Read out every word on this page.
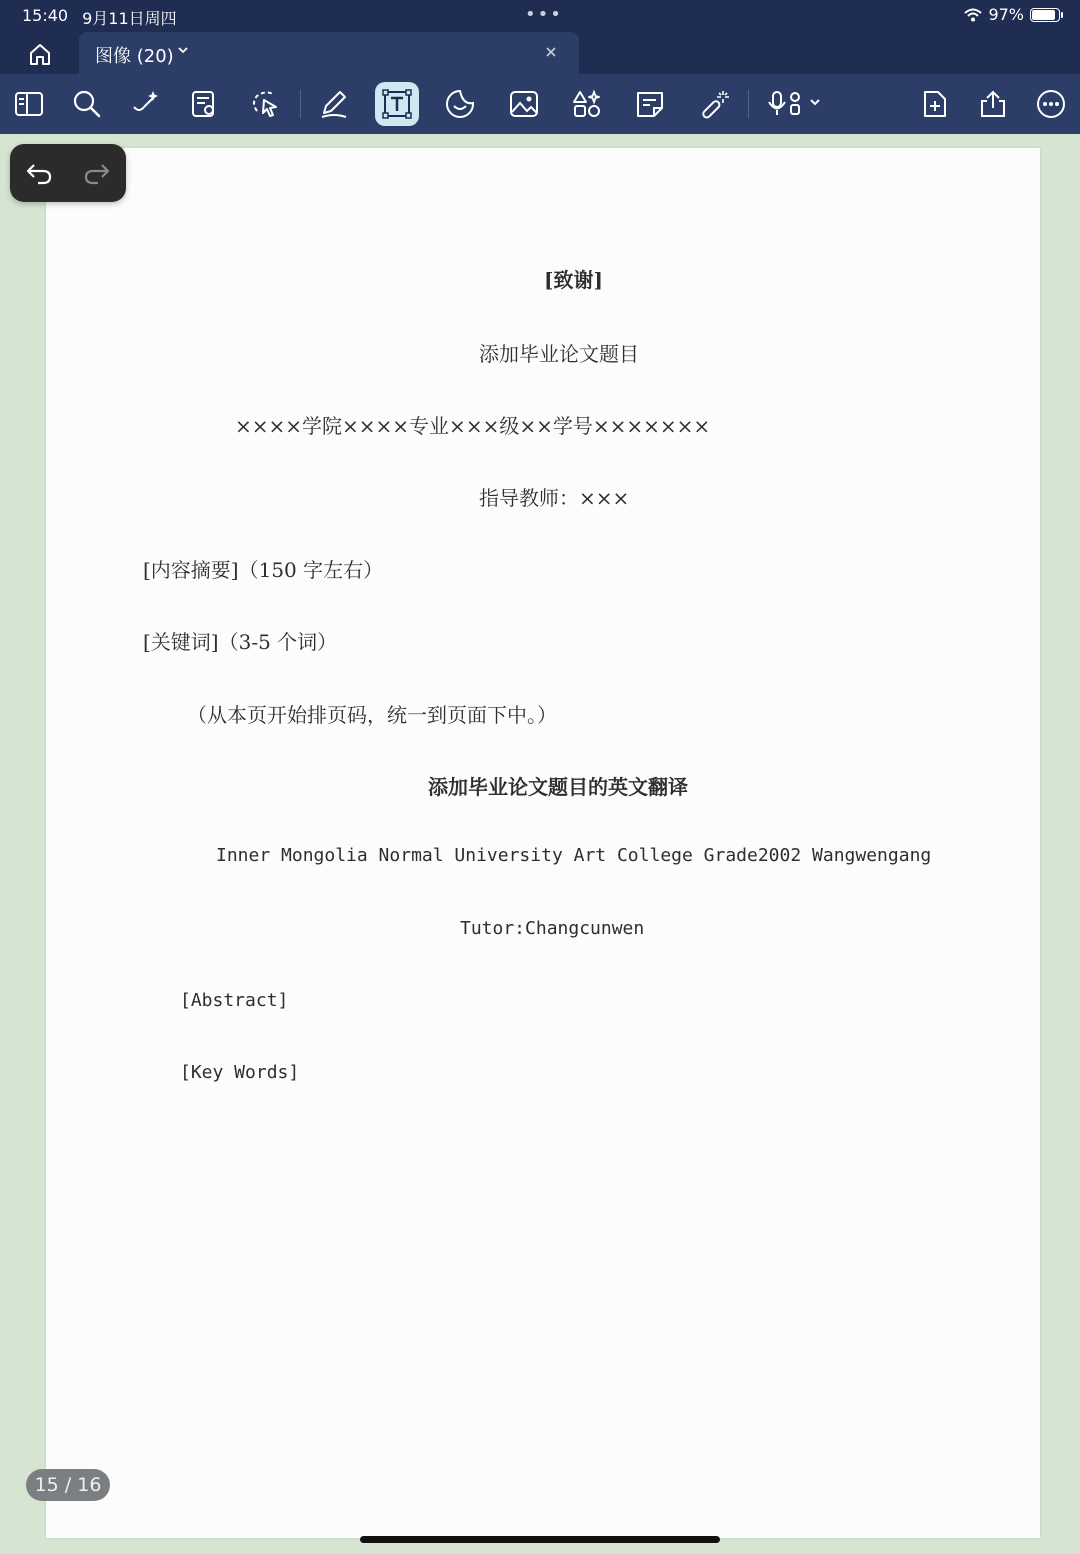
15:40 9月11日周四	•••	97%
图像 (20)
[致谢]
添加毕业论文题目
××××学院××××专业×××级××学号×××××××
指导教师：×××
[内容摘要]（150 字左右）
[关键词]（3-5 个词）
（从本页开始排页码，统一到页面下中。）
添加毕业论文题目的英文翻译
Inner Mongolia Normal University Art College Grade2002 Wangwengang
Tutor:Changcunwen
[Abstract]
[Key Words]
15 / 16
